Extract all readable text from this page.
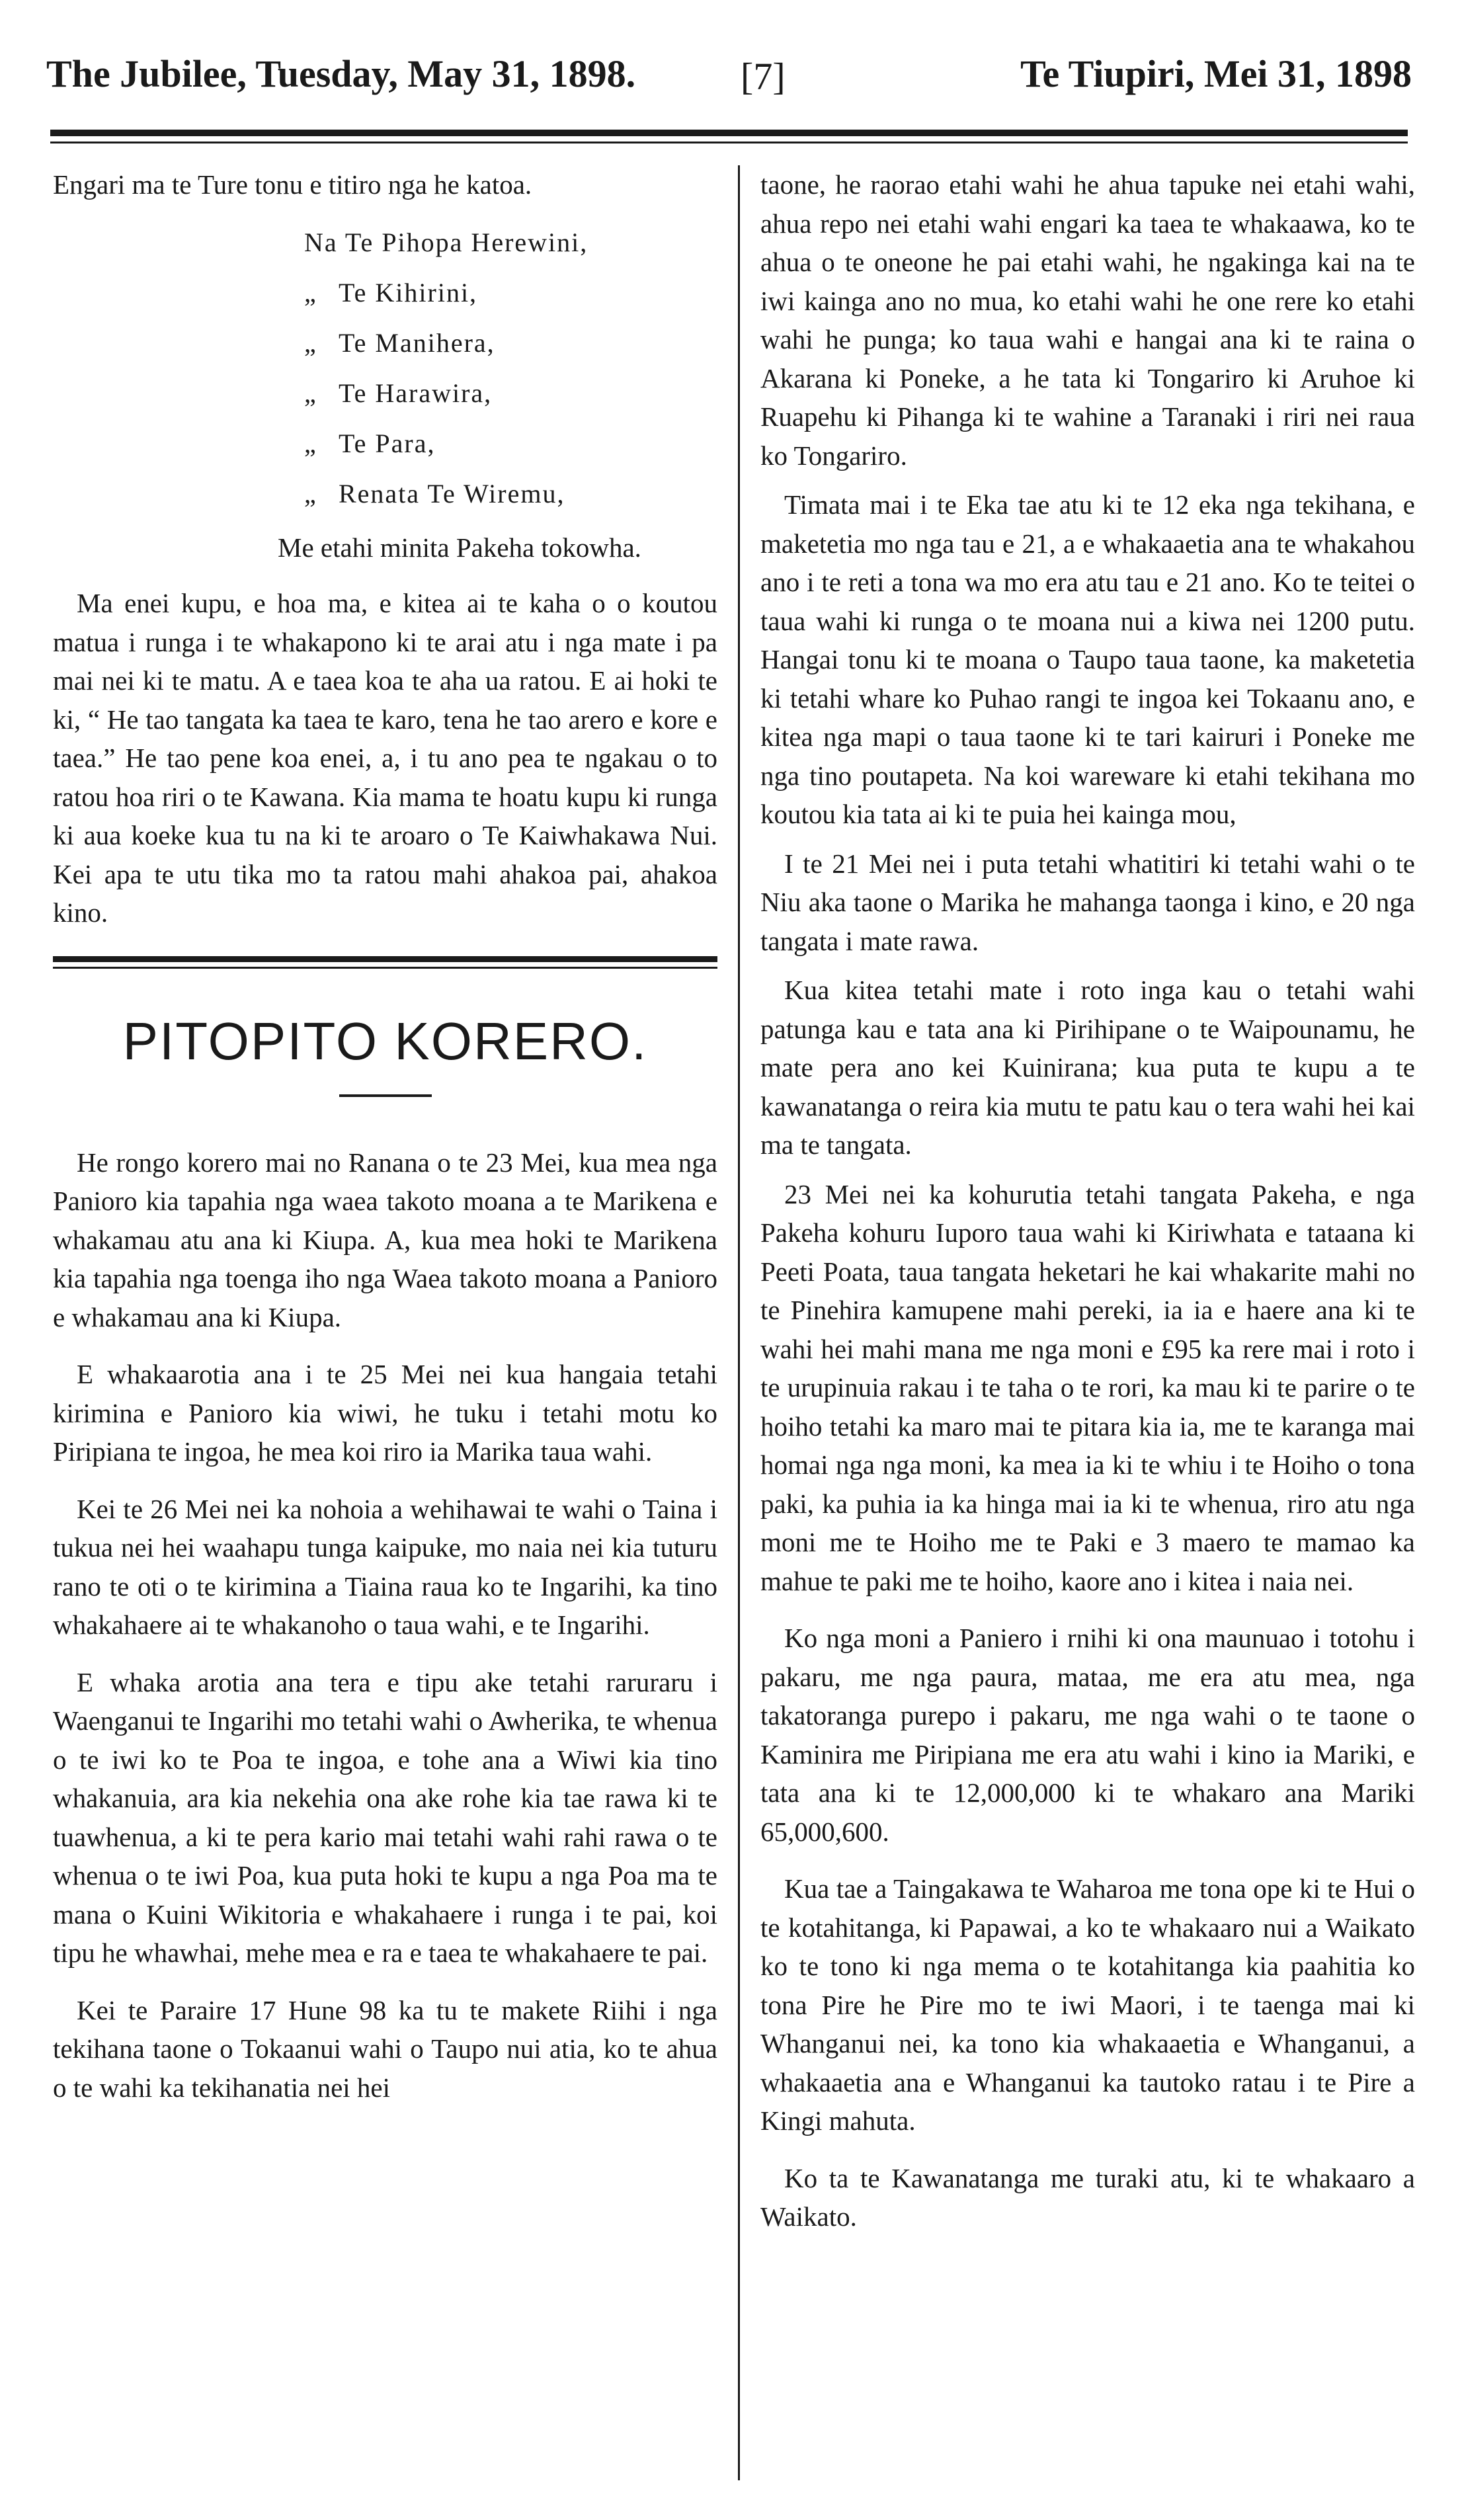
The Jubilee, Tuesday, May 31, 1898.	[7]	Te Tiupiri, Mei 31, 1898

Engari ma te Ture tonu e titiro nga he katoa.

Na Te Pihopa Herewini,
„ Te Kihirini,
„ Te Manihera,
„ Te Harawira,
„ Te Para,
„ Renata Te Wiremu,
Me etahi minita Pakeha tokowha.

Ma enei kupu, e hoa ma, e kitea ai te kaha o o koutou matua i runga i te whakapono ki te arai atu i nga mate i pa mai nei ki te matu. A e taea koa te aha ua ratou. E ai hoki te ki, “ He tao tangata ka taea te karo, tena he tao arero e kore e taea.” He tao pene koa enei, a, i tu ano pea te ngakau o to ratou hoa riri o te Kawana. Kia mama te hoatu kupu ki runga ki aua koeke kua tu na ki te aroaro o Te Kaiwhakawa Nui. Kei apa te utu tika mo ta ratou mahi ahakoa pai, ahakoa kino.

PITOPITO KORERO.

He rongo korero mai no Ranana o te 23 Mei, kua mea nga Panioro kia tapahia nga waea takoto moana a te Marikena e whakamau atu ana ki Kiupa. A, kua mea hoki te Marikena kia tapahia nga toenga iho nga Waea takoto moana a Panioro e whakamau ana ki Kiupa.

E whakaarotia ana i te 25 Mei nei kua hangaia tetahi kirimina e Panioro kia wiwi, he tuku i tetahi motu ko Piripiana te ingoa, he mea koi riro ia Marika taua wahi.

Kei te 26 Mei nei ka nohoia a wehihawai te wahi o Taina i tukua nei hei waahapu tunga kaipuke, mo naia nei kia tuturu rano te oti o te kirimina a Tiaina raua ko te Ingarihi, ka tino whakahaere ai te whakanoho o taua wahi, e te Ingarihi.

E whaka arotia ana tera e tipu ake tetahi raruraru i Waenganui te Ingarihi mo tetahi wahi o Awherika, te whenua o te iwi ko te Poa te ingoa, e tohe ana a Wiwi kia tino whakanuia, ara kia nekehia ona ake rohe kia tae rawa ki te tuawhenua, a ki te pera kario mai tetahi wahi rahi rawa o te whenua o te iwi Poa, kua puta hoki te kupu a nga Poa ma te mana o Kuini Wikitoria e whakahaere i runga i te pai, koi tipu he whawhai, mehe mea e ra e taea te whakahaere te pai.

Kei te Paraire 17 Hune 98 ka tu te makete Riihi i nga tekihana taone o Tokaanui wahi o Taupo nui atia, ko te ahua o te wahi ka tekihanatia nei hei

taone, he raorao etahi wahi he ahua tapuke nei etahi wahi, ahua repo nei etahi wahi engari ka taea te whakaawa, ko te ahua o te oneone he pai etahi wahi, he ngakinga kai na te iwi kainga ano no mua, ko etahi wahi he one rere ko etahi wahi he punga; ko taua wahi e hangai ana ki te raina o Akarana ki Poneke, a he tata ki Tongariro ki Aruhoe ki Ruapehu ki Pihanga ki te wahine a Taranaki i riri nei raua ko Tongariro.

Timata mai i te Eka tae atu ki te 12 eka nga tekihana, e maketetia mo nga tau e 21, a e whakaaetia ana te whakahou ano i te reti a tona wa mo era atu tau e 21 ano. Ko te teitei o taua wahi ki runga o te moana nui a kiwa nei 1200 putu. Hangai tonu ki te moana o Taupo taua taone, ka maketetia ki tetahi whare ko Puhao rangi te ingoa kei Tokaanu ano, e kitea nga mapi o taua taone ki te tari kairuri i Poneke me nga tino poutapeta. Na koi wareware ki etahi tekihana mo koutou kia tata ai ki te puia hei kainga mou,

I te 21 Mei nei i puta tetahi whatitiri ki tetahi wahi o te Niu aka taone o Marika he mahanga taonga i kino, e 20 nga tangata i mate rawa.

Kua kitea tetahi mate i roto inga kau o tetahi wahi patunga kau e tata ana ki Pirihipane o te Waipounamu, he mate pera ano kei Kuinirana; kua puta te kupu a te kawanatanga o reira kia mutu te patu kau o tera wahi hei kai ma te tangata.

23 Mei nei ka kohurutia tetahi tangata Pakeha, e nga Pakeha kohuru Iuporo taua wahi ki Kiriwhata e tataana ki Peeti Poata, taua tangata heketari he kai whakarite mahi no te Pinehira kamupene mahi pereki, ia ia e haere ana ki te wahi hei mahi mana me nga moni e £95 ka rere mai i roto i te urupinuia rakau i te taha o te rori, ka mau ki te parire o te hoiho tetahi ka maro mai te pitara kia ia, me te karanga mai homai nga nga moni, ka mea ia ki te whiu i te Hoiho o tona paki, ka puhia ia ka hinga mai ia ki te whenua, riro atu nga moni me te Hoiho me te Paki e 3 maero te mamao ka mahue te paki me te hoiho, kaore ano i kitea i naia nei.

Ko nga moni a Paniero i rnihi ki ona maunuao i totohu i pakaru, me nga paura, mataa, me era atu mea, nga takatoranga purepo i pakaru, me nga wahi o te taone o Kaminira me Piripiana me era atu wahi i kino ia Mariki, e tata ana ki te 12,000,000 ki te whakaro ana Mariki 65,000,600.

Kua tae a Taingakawa te Waharoa me tona ope ki te Hui o te kotahitanga, ki Papawai, a ko te whakaaro nui a Waikato ko te tono ki nga mema o te kotahitanga kia paahitia ko tona Pire he Pire mo te iwi Maori, i te taenga mai ki Whanganui nei, ka tono kia whakaaetia e Whanganui, a whakaaetia ana e Whanganui ka tautoko ratau i te Pire a Kingi mahuta.

Ko ta te Kawanatanga me turaki atu, ki te whakaaro a Waikato.
